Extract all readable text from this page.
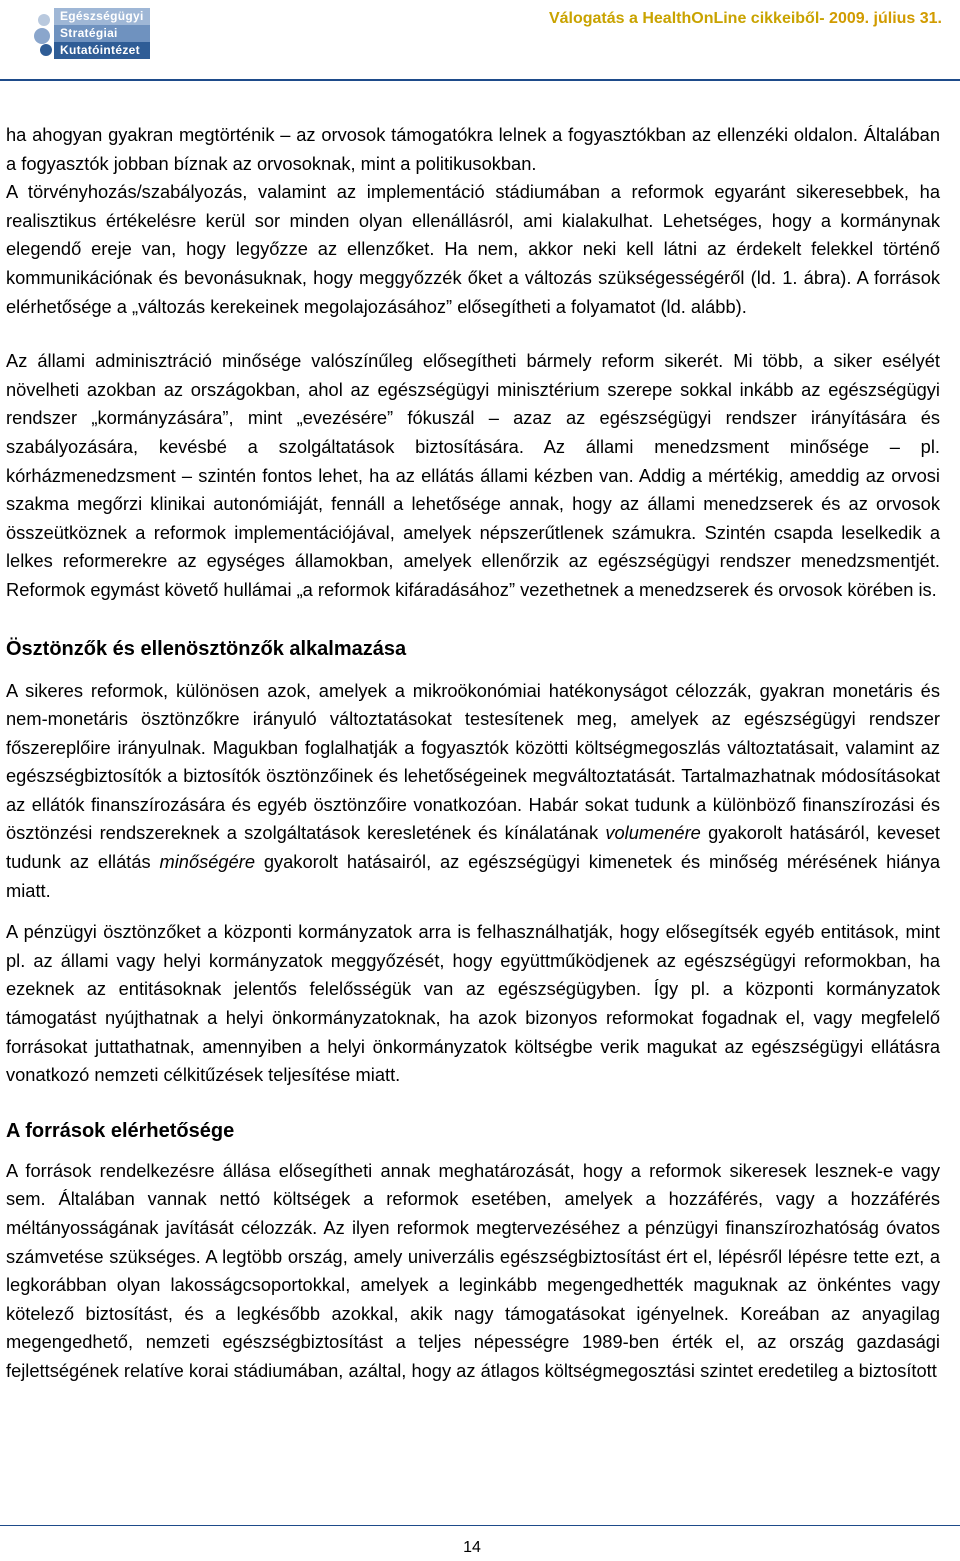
Egészségügyi
Stratégiai
Kutatóintézet
Válogatás a HealthOnLine cikkeiből- 2009. július 31.

ha ahogyan gyakran megtörténik – az orvosok támogatókra lelnek a fogyasztókban az ellenzéki oldalon. Általában a fogyasztók jobban bíznak az orvosoknak, mint a politikusokban.

A törvényhozás/szabályozás, valamint az implementáció stádiumában a reformok egyaránt sikeresebbek, ha realisztikus értékelésre kerül sor minden olyan ellenállásról, ami kialakulhat. Lehetséges, hogy a kormánynak elegendő ereje van, hogy legyőzze az ellenzőket. Ha nem, akkor neki kell látni az érdekelt felekkel történő kommunikációnak és bevonásuknak, hogy meggyőzzék őket a változás szükségességéről (ld. 1. ábra). A források elérhetősége a „változás kerekeinek megolajozásához” elősegítheti a folyamatot (ld. alább).

Az állami adminisztráció minősége valószínűleg elősegítheti bármely reform sikerét. Mi több, a siker esélyét növelheti azokban az országokban, ahol az egészségügyi minisztérium szerepe sokkal inkább az egészségügyi rendszer „kormányzására”, mint „evezésére” fókuszál – azaz az egészségügyi rendszer irányítására és szabályozására, kevésbé a szolgáltatások biztosítására. Az állami menedzsment minősége – pl. kórházmenedzsment – szintén fontos lehet, ha az ellátás állami kézben van. Addig a mértékig, ameddig az orvosi szakma megőrzi klinikai autonómiáját, fennáll a lehetősége annak, hogy az állami menedzserek és az orvosok összeütköznek a reformok implementációjával, amelyek népszerűtlenek számukra. Szintén csapda leselkedik a lelkes reformerekre az egységes államokban, amelyek ellenőrzik az egészségügyi rendszer menedzsmentjét. Reformok egymást követő hullámai „a reformok kifáradásához” vezethetnek a menedzserek és orvosok körében is.

Ösztönzők és ellenösztönzők alkalmazása

A sikeres reformok, különösen azok, amelyek a mikroökonómiai hatékonyságot célozzák, gyakran monetáris és nem-monetáris ösztönzőkre irányuló változtatásokat testesítenek meg, amelyek az egészségügyi rendszer főszereplőire irányulnak. Magukban foglalhatják a fogyasztók közötti költségmegoszlás változtatásait, valamint az egészségbiztosítók a biztosítók ösztönzőinek és lehetőségeinek megváltoztatását. Tartalmazhatnak módosításokat az ellátók finanszírozására és egyéb ösztönzőire vonatkozóan. Habár sokat tudunk a különböző finanszírozási és ösztönzési rendszereknek a szolgáltatások keresletének és kínálatának volumenére gyakorolt hatásáról, keveset tudunk az ellátás minőségére gyakorolt hatásairól, az egészségügyi kimenetek és minőség mérésének hiánya miatt.

A pénzügyi ösztönzőket a központi kormányzatok arra is felhasználhatják, hogy elősegítsék egyéb entitások, mint pl. az állami vagy helyi kormányzatok meggyőzését, hogy együttműködjenek az egészségügyi reformokban, ha ezeknek az entitásoknak jelentős felelősségük van az egészségügyben. Így pl. a központi kormányzatok támogatást nyújthatnak a helyi önkormányzatoknak, ha azok bizonyos reformokat fogadnak el, vagy megfelelő forrásokat juttathatnak, amennyiben a helyi önkormányzatok költségbe verik magukat az egészségügyi ellátásra vonatkozó nemzeti célkitűzések teljesítése miatt.

A források elérhetősége

A források rendelkezésre állása elősegítheti annak meghatározását, hogy a reformok sikeresek lesznek-e vagy sem. Általában vannak nettó költségek a reformok esetében, amelyek a hozzáférés, vagy a hozzáférés méltányosságának javítását célozzák. Az ilyen reformok megtervezéséhez a pénzügyi finanszírozhatóság óvatos számvetése szükséges. A legtöbb ország, amely univerzális egészségbiztosítást ért el, lépésről lépésre tette ezt, a legkorábban olyan lakosságcsoportokkal, amelyek a leginkább megengedhették maguknak az önkéntes vagy kötelező biztosítást, és a legkésőbb azokkal, akik nagy támogatásokat igényelnek. Koreában az anyagilag megengedhető, nemzeti egészségbiztosítást a teljes népességre 1989-ben érték el, az ország gazdasági fejlettségének relatíve korai stádiumában, azáltal, hogy az átlagos költségmegosztási szintet eredetileg a biztosított

14
